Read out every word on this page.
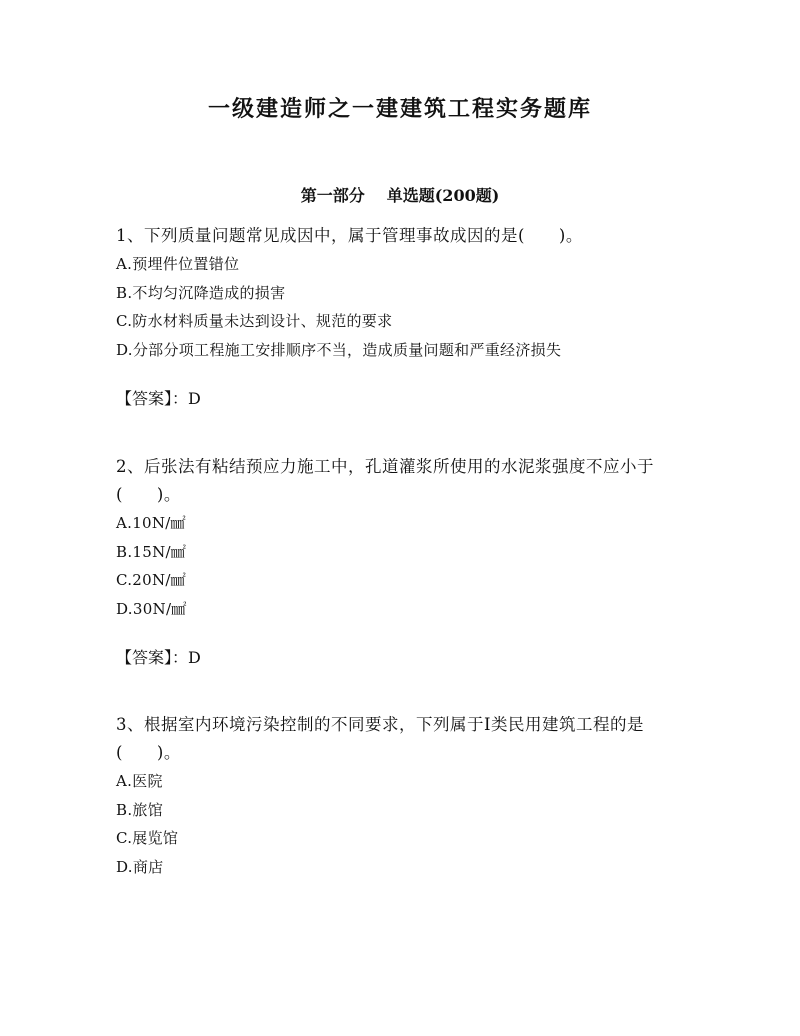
一级建造师之一建建筑工程实务题库
第一部分 单选题(200题)

1、下列质量问题常见成因中，属于管理事故成因的是(　　)。

A.预埋件位置错位
B.不均匀沉降造成的损害
C.防水材料质量未达到设计、规范的要求
D.分部分项工程施工安排顺序不当，造成质量问题和严重经济损失
【答案】：D

2、后张法有粘结预应力施工中，孔道灌浆所使用的水泥浆强度不应小于(　　)。

A.10N/㎟
B.15N/㎟
C.20N/㎟
D.30N/㎟
【答案】：D

3、根据室内环境污染控制的不同要求，下列属于Ⅰ类民用建筑工程的是(　　)。

A.医院
B.旅馆
C.展览馆
D.商店
